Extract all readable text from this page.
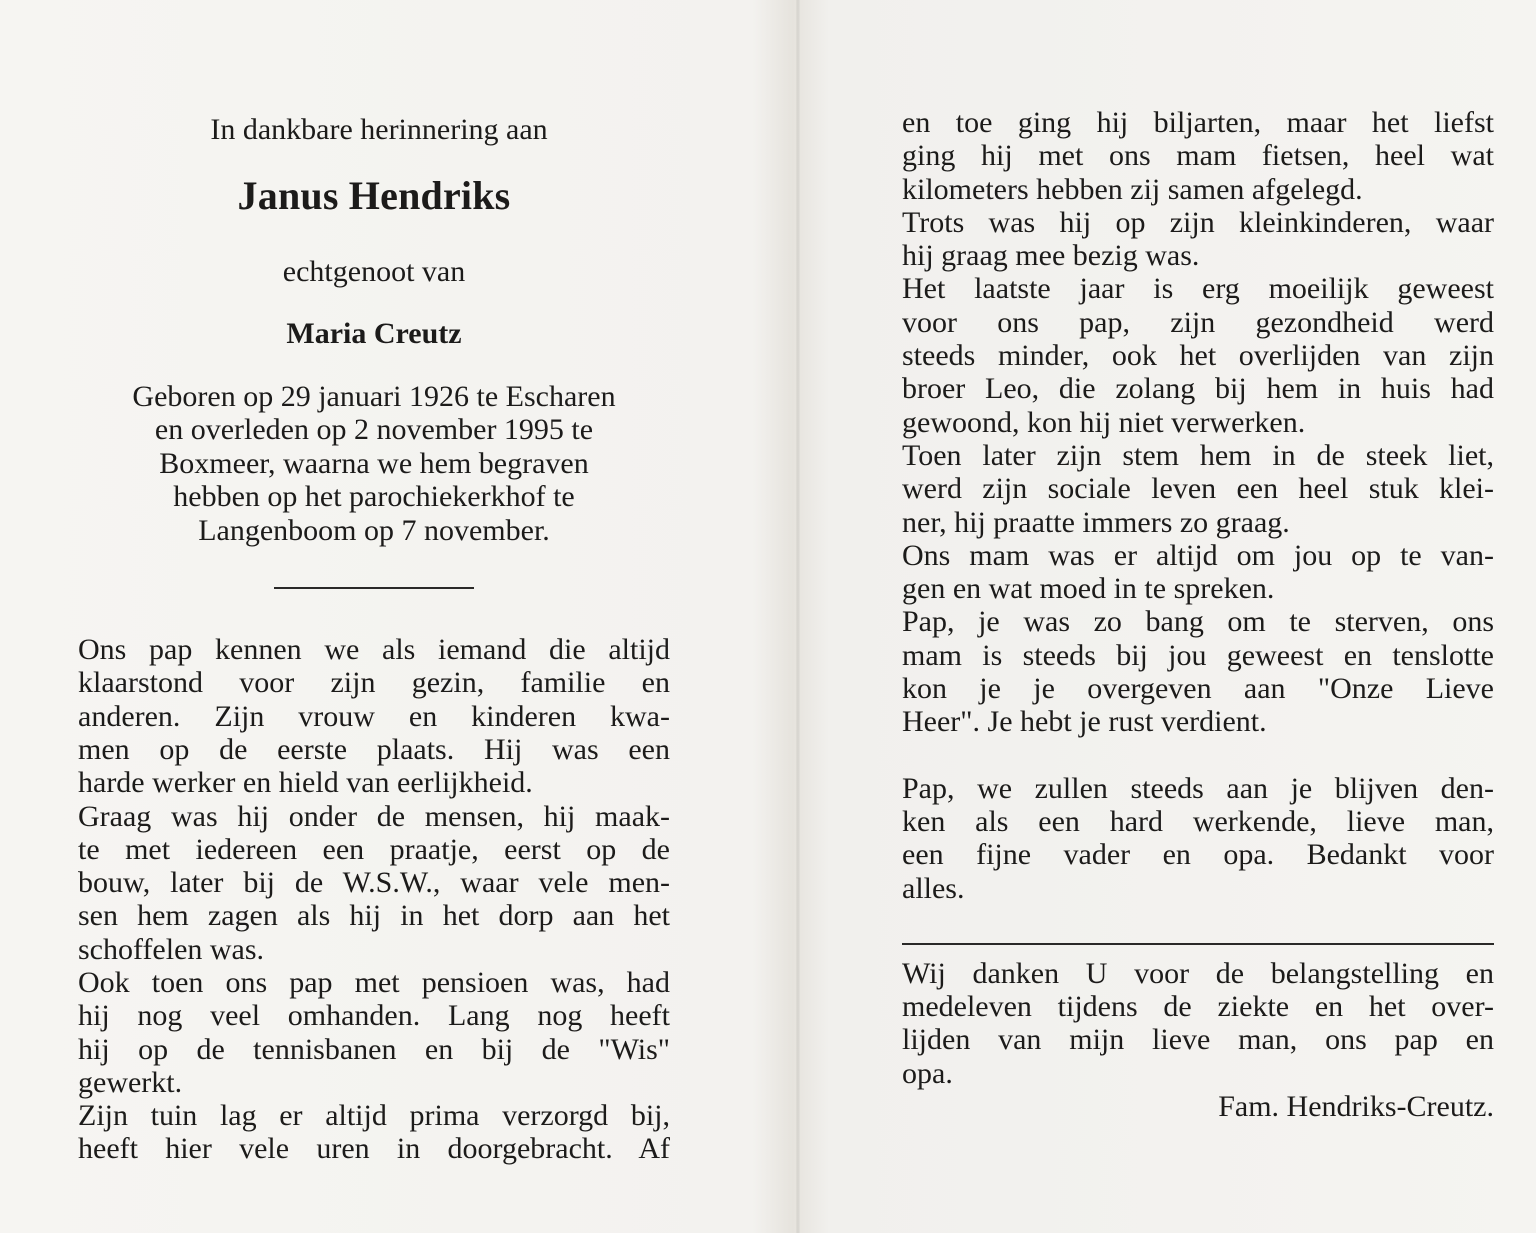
In dankbare herinnering aan

Janus Hendriks

echtgenoot van

Maria Creutz

Geboren op 29 januari 1926 te Escharen
en overleden op 2 november 1995 te
Boxmeer, waarna we hem begraven
hebben op het parochiekerkhof te
Langenboom op 7 november.
Ons pap kennen we als iemand die altijd
klaarstond voor zijn gezin, familie en
anderen. Zijn vrouw en kinderen kwa-
men op de eerste plaats. Hij was een
harde werker en hield van eerlijkheid.
Graag was hij onder de mensen, hij maak-
te met iedereen een praatje, eerst op de
bouw, later bij de W.S.W., waar vele men-
sen hem zagen als hij in het dorp aan het
schoffelen was.
Ook toen ons pap met pensioen was, had
hij nog veel omhanden. Lang nog heeft
hij op de tennisbanen en bij de "Wis"
gewerkt.
Zijn tuin lag er altijd prima verzorgd bij,
heeft hier vele uren in doorgebracht. Af
en toe ging hij biljarten, maar het liefst
ging hij met ons mam fietsen, heel wat
kilometers hebben zij samen afgelegd.
Trots was hij op zijn kleinkinderen, waar
hij graag mee bezig was.
Het laatste jaar is erg moeilijk geweest
voor ons pap, zijn gezondheid werd
steeds minder, ook het overlijden van zijn
broer Leo, die zolang bij hem in huis had
gewoond, kon hij niet verwerken.
Toen later zijn stem hem in de steek liet,
werd zijn sociale leven een heel stuk klei-
ner, hij praatte immers zo graag.
Ons mam was er altijd om jou op te van-
gen en wat moed in te spreken.
Pap, je was zo bang om te sterven, ons
mam is steeds bij jou geweest en tenslotte
kon je je overgeven aan "Onze Lieve
Heer". Je hebt je rust verdient.
Pap, we zullen steeds aan je blijven den-
ken als een hard werkende, lieve man,
een fijne vader en opa. Bedankt voor
alles.
Wij danken U voor de belangstelling en
medeleven tijdens de ziekte en het over-
lijden van mijn lieve man, ons pap en
opa.
Fam. Hendriks-Creutz.
